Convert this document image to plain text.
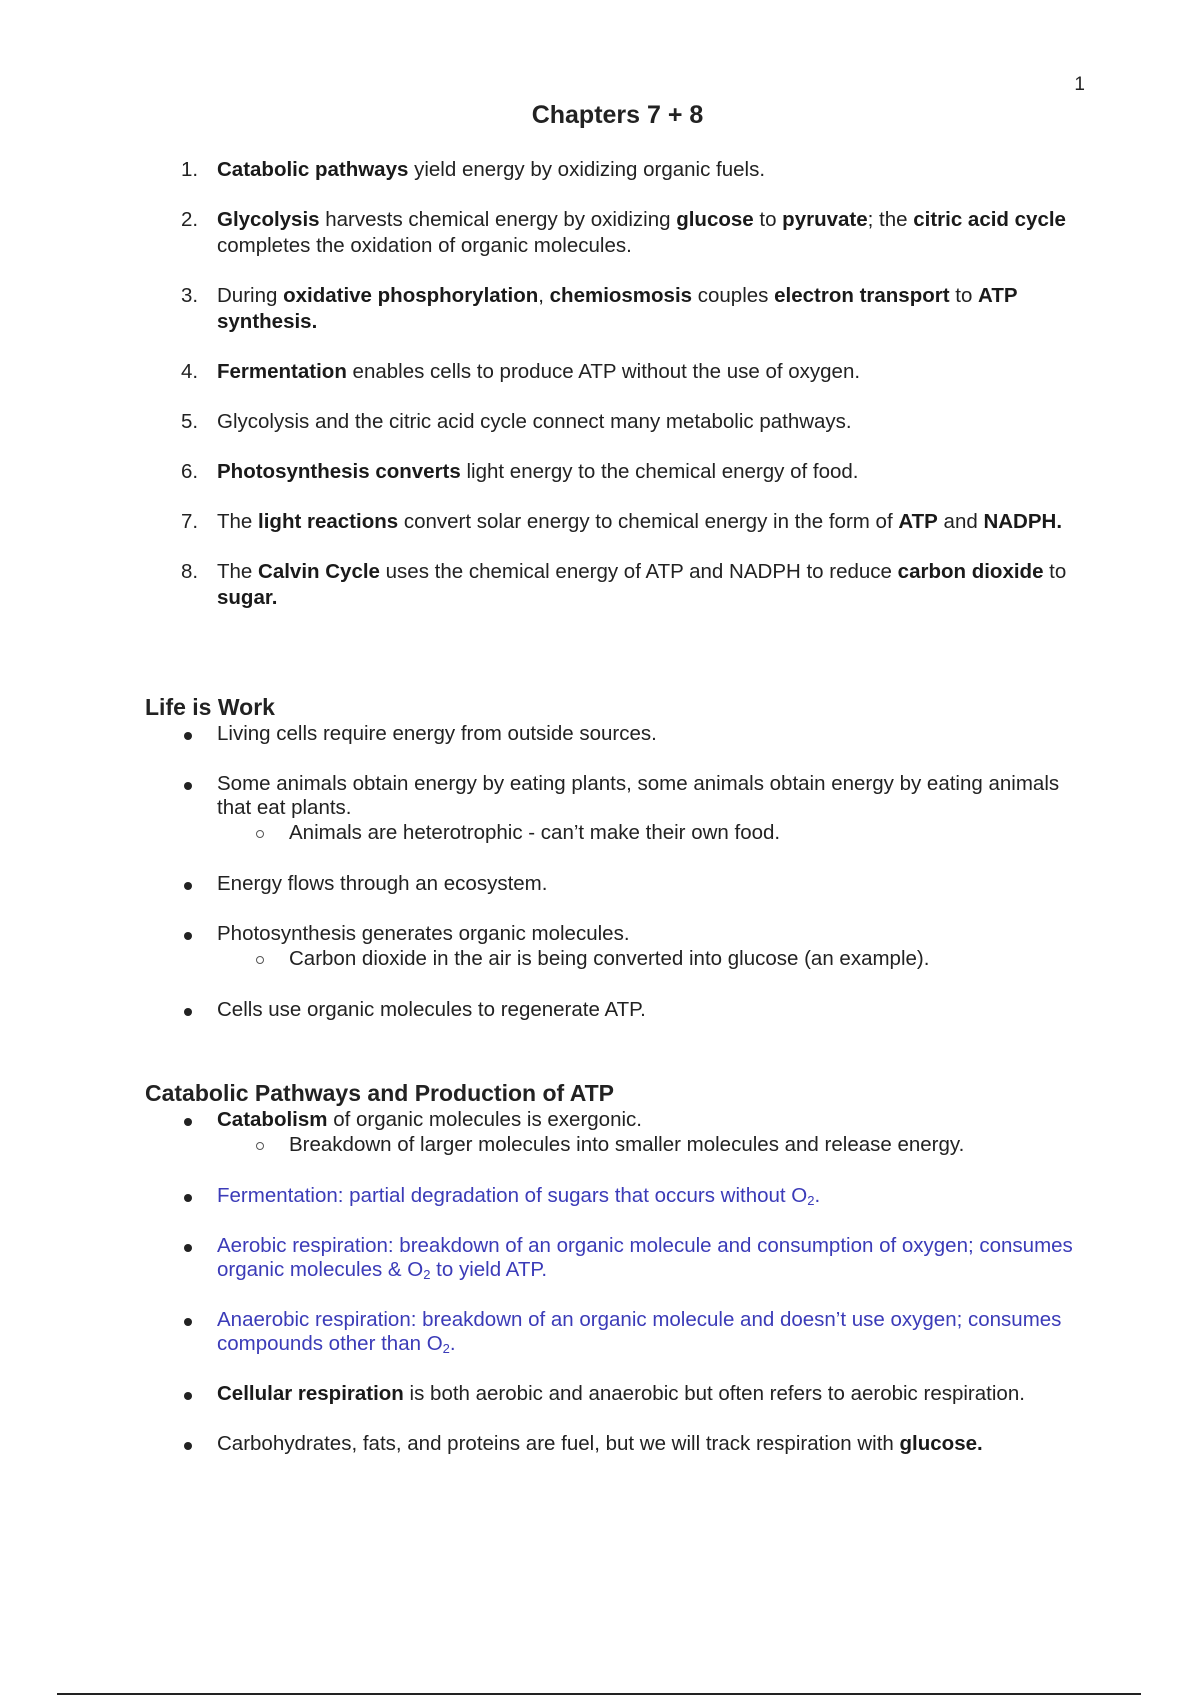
1
Chapters 7 + 8
1. Catabolic pathways yield energy by oxidizing organic fuels.
2. Glycolysis harvests chemical energy by oxidizing glucose to pyruvate; the citric acid cycle completes the oxidation of organic molecules.
3. During oxidative phosphorylation, chemiosmosis couples electron transport to ATP synthesis.
4. Fermentation enables cells to produce ATP without the use of oxygen.
5. Glycolysis and the citric acid cycle connect many metabolic pathways.
6. Photosynthesis converts light energy to the chemical energy of food.
7. The light reactions convert solar energy to chemical energy in the form of ATP and NADPH.
8. The Calvin Cycle uses the chemical energy of ATP and NADPH to reduce carbon dioxide to sugar.
Life is Work
Living cells require energy from outside sources.
Some animals obtain energy by eating plants, some animals obtain energy by eating animals that eat plants.
Animals are heterotrophic - can’t make their own food.
Energy flows through an ecosystem.
Photosynthesis generates organic molecules.
Carbon dioxide in the air is being converted into glucose (an example).
Cells use organic molecules to regenerate ATP.
Catabolic Pathways and Production of ATP
Catabolism of organic molecules is exergonic.
Breakdown of larger molecules into smaller molecules and release energy.
Fermentation: partial degradation of sugars that occurs without $O_2$.
Aerobic respiration: breakdown of an organic molecule and consumption of oxygen; consumes organic molecules & $O_2$ to yield ATP.
Anaerobic respiration: breakdown of an organic molecule and doesn’t use oxygen; consumes compounds other than $O_2$.
Cellular respiration is both aerobic and anaerobic but often refers to aerobic respiration.
Carbohydrates, fats, and proteins are fuel, but we will track respiration with glucose.
